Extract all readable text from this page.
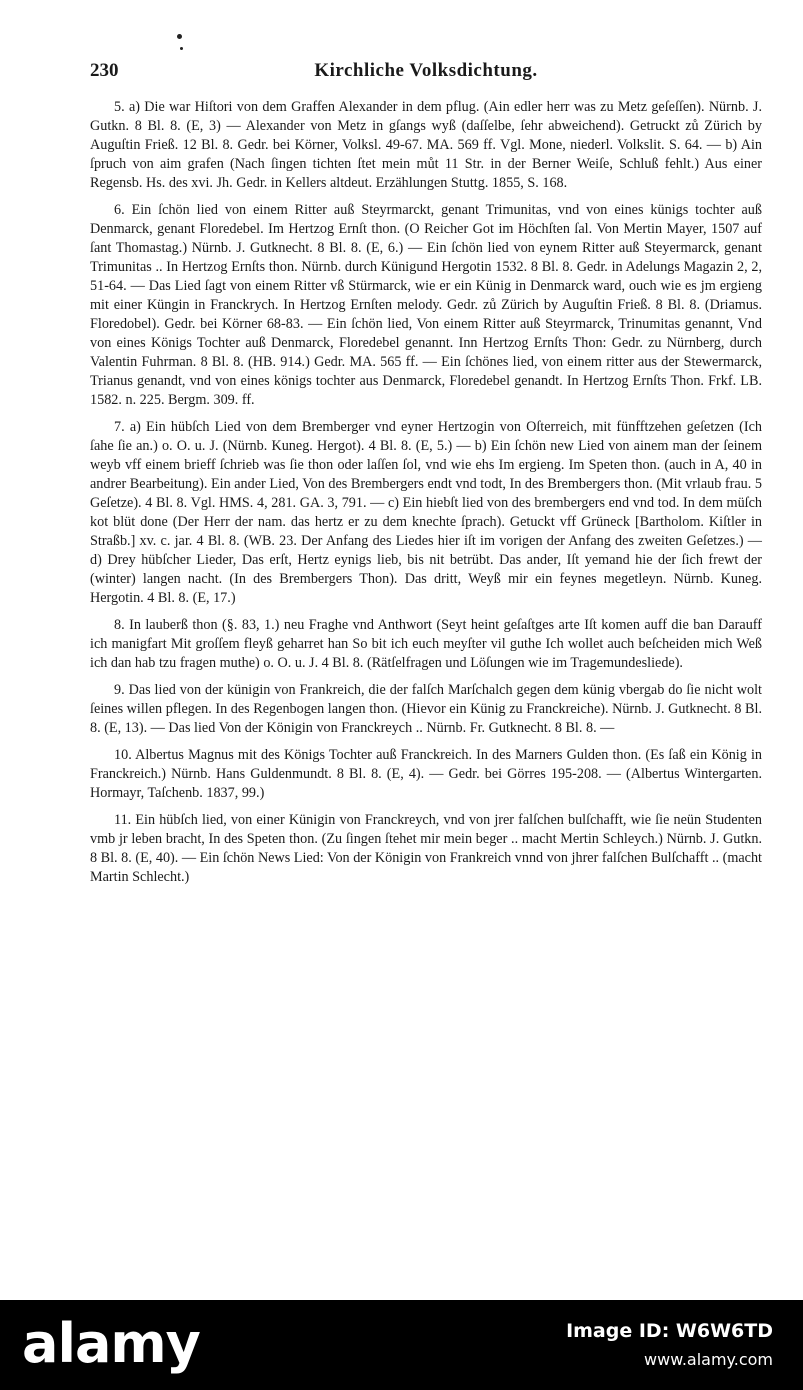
230	Kirchliche Volksdichtung.

5. a) Die war Hiſtori von dem Graffen Alexander in dem pflug. (Ain edler herr was zu Metz geſeſſen). Nürnb. J. Gutkn. 8 Bl. 8. (E, 3) — Alexander von Metz in gſangs wyß (daſſelbe, ſehr abweichend). Getruckt zů Zürich by Auguſtin Frieß. 12 Bl. 8. Gedr. bei Körner, Volksl. 49-67. MA. 569 ff. Vgl. Mone, niederl. Volkslit. S. 64. — b) Ain ſpruch von aim grafen (Nach ſingen tichten ſtet mein můt 11 Str. in der Berner Weiſe, Schluß fehlt.) Aus einer Regensb. Hs. des xvi. Jh. Gedr. in Kellers altdeut. Erzählungen Stuttg. 1855, S. 168.

6. Ein ſchön lied von einem Ritter auß Steyrmarckt, genant Trimunitas, vnd von eines künigs tochter auß Denmarck, genant Floredebel. Im Hertzog Ernſt thon. (O Reicher Got im Höchſten ſal. Von Mertin Mayer, 1507 auf ſant Thomastag.) Nürnb. J. Gutknecht. 8 Bl. 8. (E, 6.) — Ein ſchön lied von eynem Ritter auß Steyermarck, genant Trimunitas .. In Hertzog Ernſts thon. Nürnb. durch Künigund Hergotin 1532. 8 Bl. 8. Gedr. in Adelungs Magazin 2, 2, 51-64. — Das Lied ſagt von einem Ritter vß Stürmarck, wie er ein Künig in Denmarck ward, ouch wie es jm ergieng mit einer Küngin in Franckrych. In Hertzog Ernſten melody. Gedr. zů Zürich by Auguſtin Frieß. 8 Bl. 8. (Driamus. Floredobel). Gedr. bei Körner 68-83. — Ein ſchön lied, Von einem Ritter auß Steyrmarck, Trinumitas genannt, Vnd von eines Königs Tochter auß Denmarck, Floredebel genannt. Inn Hertzog Ernſts Thon: Gedr. zu Nürnberg, durch Valentin Fuhrman. 8 Bl. 8. (HB. 914.) Gedr. MA. 565 ff. — Ein ſchönes lied, von einem ritter aus der Stewermarck, Trianus genandt, vnd von eines königs tochter aus Denmarck, Floredebel genandt. In Hertzog Ernſts Thon. Frkf. LB. 1582. n. 225. Bergm. 309. ff.

7. a) Ein hübſch Lied von dem Bremberger vnd eyner Hertzogin von Oſterreich, mit fünfftzehen geſetzen (Ich ſahe ſie an.) o. O. u. J. (Nürnb. Kuneg. Hergot). 4 Bl. 8. (E, 5.) — b) Ein ſchön new Lied von ainem man der ſeinem weyb vff einem brieff ſchrieb was ſie thon oder laſſen ſol, vnd wie ehs Im ergieng. Im Speten thon. (auch in A, 40 in andrer Bearbeitung). Ein ander Lied, Von des Brembergers endt vnd todt, In des Brembergers thon. (Mit vrlaub frau. 5 Geſetze). 4 Bl. 8. Vgl. HMS. 4, 281. GA. 3, 791. — c) Ein hiebſt lied von des brembergers end vnd tod. In dem müſch kot blüt done (Der Herr der nam. das hertz er zu dem knechte ſprach). Getuckt vff Grüneck [Bartholom. Kiſtler in Straßb.] xv. c. jar. 4 Bl. 8. (WB. 23. Der Anfang des Liedes hier iſt im vorigen der Anfang des zweiten Geſetzes.) — d) Drey hübſcher Lieder, Das erſt, Hertz eynigs lieb, bis nit betrübt. Das ander, Iſt yemand hie der ſich frewt der (winter) langen nacht. (In des Brembergers Thon). Das dritt, Weyß mir ein feynes megetleyn. Nürnb. Kuneg. Hergotin. 4 Bl. 8. (E, 17.)

8. In lauberß thon (§. 83, 1.) neu Fraghe vnd Anthwort (Seyt heint geſaſtges arte Iſt komen auff die ban Darauff ich manigfart Mit groſſem fleyß geharret han So bit ich euch meyſter vil guthe Ich wollet auch beſcheiden mich Weß ich dan hab tzu fragen muthe) o. O. u. J. 4 Bl. 8. (Rätſelfragen und Löſungen wie im Tragemundesliede).

9. Das lied von der künigin von Frankreich, die der falſch Marſchalch gegen dem künig vbergab do ſie nicht wolt ſeines willen pflegen. In des Regenbogen langen thon. (Hievor ein Künig zu Franckreiche). Nürnb. J. Gutknecht. 8 Bl. 8. (E, 13). — Das lied Von der Königin von Franckreych .. Nürnb. Fr. Gutknecht. 8 Bl. 8. —

10. Albertus Magnus mit des Königs Tochter auß Franckreich. In des Marners Gulden thon. (Es ſaß ein König in Franckreich.) Nürnb. Hans Guldenmundt. 8 Bl. 8. (E, 4). — Gedr. bei Görres 195-208. — (Albertus Wintergarten. Hormayr, Taſchenb. 1837, 99.)

11. Ein hübſch lied, von einer Künigin von Franckreych, vnd von jrer falſchen bulſchafft, wie ſie neün Studenten vmb jr leben bracht, In des Speten thon. (Zu ſingen ſtehet mir mein beger .. macht Mertin Schleych.) Nürnb. J. Gutkn. 8 Bl. 8. (E, 40). — Ein ſchön News Lied: Von der Königin von Frankreich vnnd von jhrer falſchen Bulſchafft .. (macht Martin Schlecht.)

alamy	Image ID: W6W6TD
www.alamy.com
